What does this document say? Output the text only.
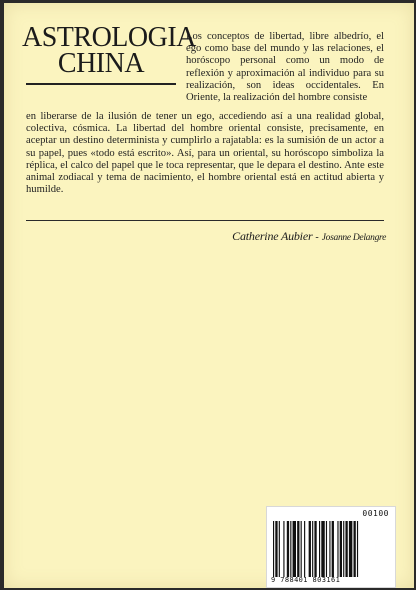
ASTROLOGIA
CHINA
Los conceptos de libertad, libre albedrío, el ego como base del mundo y las relaciones, el horóscopo personal como un modo de reflexión y aproximación al individuo para su realización, son ideas occidentales. En Oriente, la realización del hombre consiste
en liberarse de la ilusión de tener un ego, accediendo así a una realidad global, colectiva, cósmica. La libertad del hombre oriental consiste, precisamente, en aceptar un destino determinista y cumplirlo a rajatabla: es la sumisión de un actor a su papel, pues «todo está escrito». Así, para un oriental, su horóscopo simboliza la réplica, el calco del papel que le toca representar, que le depara el destino. Ante este animal zodiacal y tema de nacimiento, el hombre oriental está en actitud abierta y humilde.
Catherine Aubier - Josanne Delangre
00100
9 788401 803161
